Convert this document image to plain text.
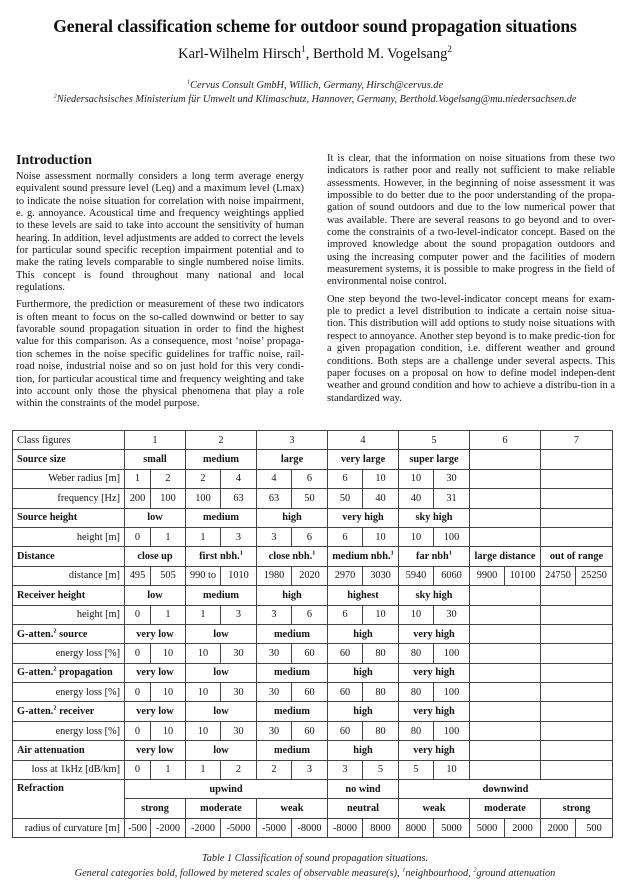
General classification scheme for outdoor sound propagation situations
Karl-Wilhelm Hirsch$^1$, Berthold M. Vogelsang$^2$
$^1$Cervus Consult GmbH, Willich, Germany, Hirsch@cervus.de
$^2$Niedersachsisches Ministerium für Umwelt und Klimaschutz, Hannover, Germany, Berthold.Vogelsang@mu.niedersachsen.de
Introduction

Noise assessment normally considers a long term average energy equivalent sound pressure level (Leq) and a maximum level (Lmax) to indicate the noise situation for correlation with noise impairment, e. g. annoyance. Acoustical time and frequency weightings applied to these levels are said to take into account the sensitivity of human hearing. In addition, level adjustments are added to correct the levels for particular sound specific reception impairment potential and to make the rating levels comparable to single numbered noise limits. This concept is found throughout many national and local regulations.

Furthermore, the prediction or measurement of these two indicators is often meant to focus on the so-called downwind or better to say favorable sound propagation situation in order to find the highest value for this comparison. As a consequence, most ‘noise’ propaga-tion schemes in the noise specific guidelines for traffic noise, rail-road noise, industrial noise and so on just hold for this very condi-tion, for particular acoustical time and frequency weighting and take into account only those the physical phenomena that play a role within the constraints of the model purpose.

It is clear, that the information on noise situations from these two indicators is rather poor and really not sufficient to make reliable assessments. However, in the beginning of noise assessment it was impossible to do better due to the poor understanding of the propa-gation of sound outdoors and due to the low numerical power that was available. There are several reasons to go beyond and to over-come the constraints of a two-level-indicator concept. Based on the improved knowledge about the sound propagation outdoors and using the increasing computer power and the facilities of modern measurement systems, it is possible to make progress in the field of environmental noise control.

One step beyond the two-level-indicator concept means for exam-ple to predict a level distribution to indicate a certain noise situa-tion. This distribution will add options to study noise situations with respect to annoyance. Another step beyond is to make predic-tion for a given propagation condition, i.e. different weather and ground conditions. Both steps are a challenge under several aspects. This paper focuses on a proposal on how to define model indepen-dent weather and ground condition and how to achieve a distribu-tion in a standardized way.

Class figures	1		2		3		4		5		6		7	
Source size	small		medium		large		very large		super large					
Weber radius [m]	1	2	2	4	4	6	6	10	10	30				
frequency [Hz]	200	100	100	63	63	50	50	40	40	31				
Source height	low		medium		high		very high		sky high					
height [m]	0	1	1	3	3	6	6	10	10	100				
Distance	close up		first nbh.$^1$		close nbh.$^1$		medium nbh.$^1$		far nbh$^1$		large distance		out of range	
distance [m]	495	505	990 to	1010	1980	2020	2970	3030	5940	6060	9900	10100	24750	25250
Receiver height	low		medium		high		highest		sky high					
height [m]	0	1	1	3	3	6	6	10	10	30				
G-atten.$^2$ source	very low		low		medium		high		very high					
energy loss [%]	0	10	10	30	30	60	60	80	80	100				
G-atten.$^2$ propagation	very low		low		medium		high		very high					
energy loss [%]	0	10	10	30	30	60	60	80	80	100				
G-atten.$^2$ receiver	very low		low		medium		high		very high					
energy loss [%]	0	10	10	30	30	60	60	80	80	100				
Air attenuation	very low		low		medium		high		very high					
loss at 1kHz [dB/km]	0	1	1	2	2	3	3	5	5	10				
Refraction	upwind						no wind		downwind					
	strong		moderate		weak		neutral		weak		moderate		strong	
radius of curvature [m]	-500	-2000	-2000	-5000	-5000	-8000	-8000	8000	8000	5000	5000	2000	2000	500
Table 1 Classification of sound propagation situations.
General categories bold, followed by metered scales of observable measure(s), $^1$neighbourhood, $^2$ground attenuation
